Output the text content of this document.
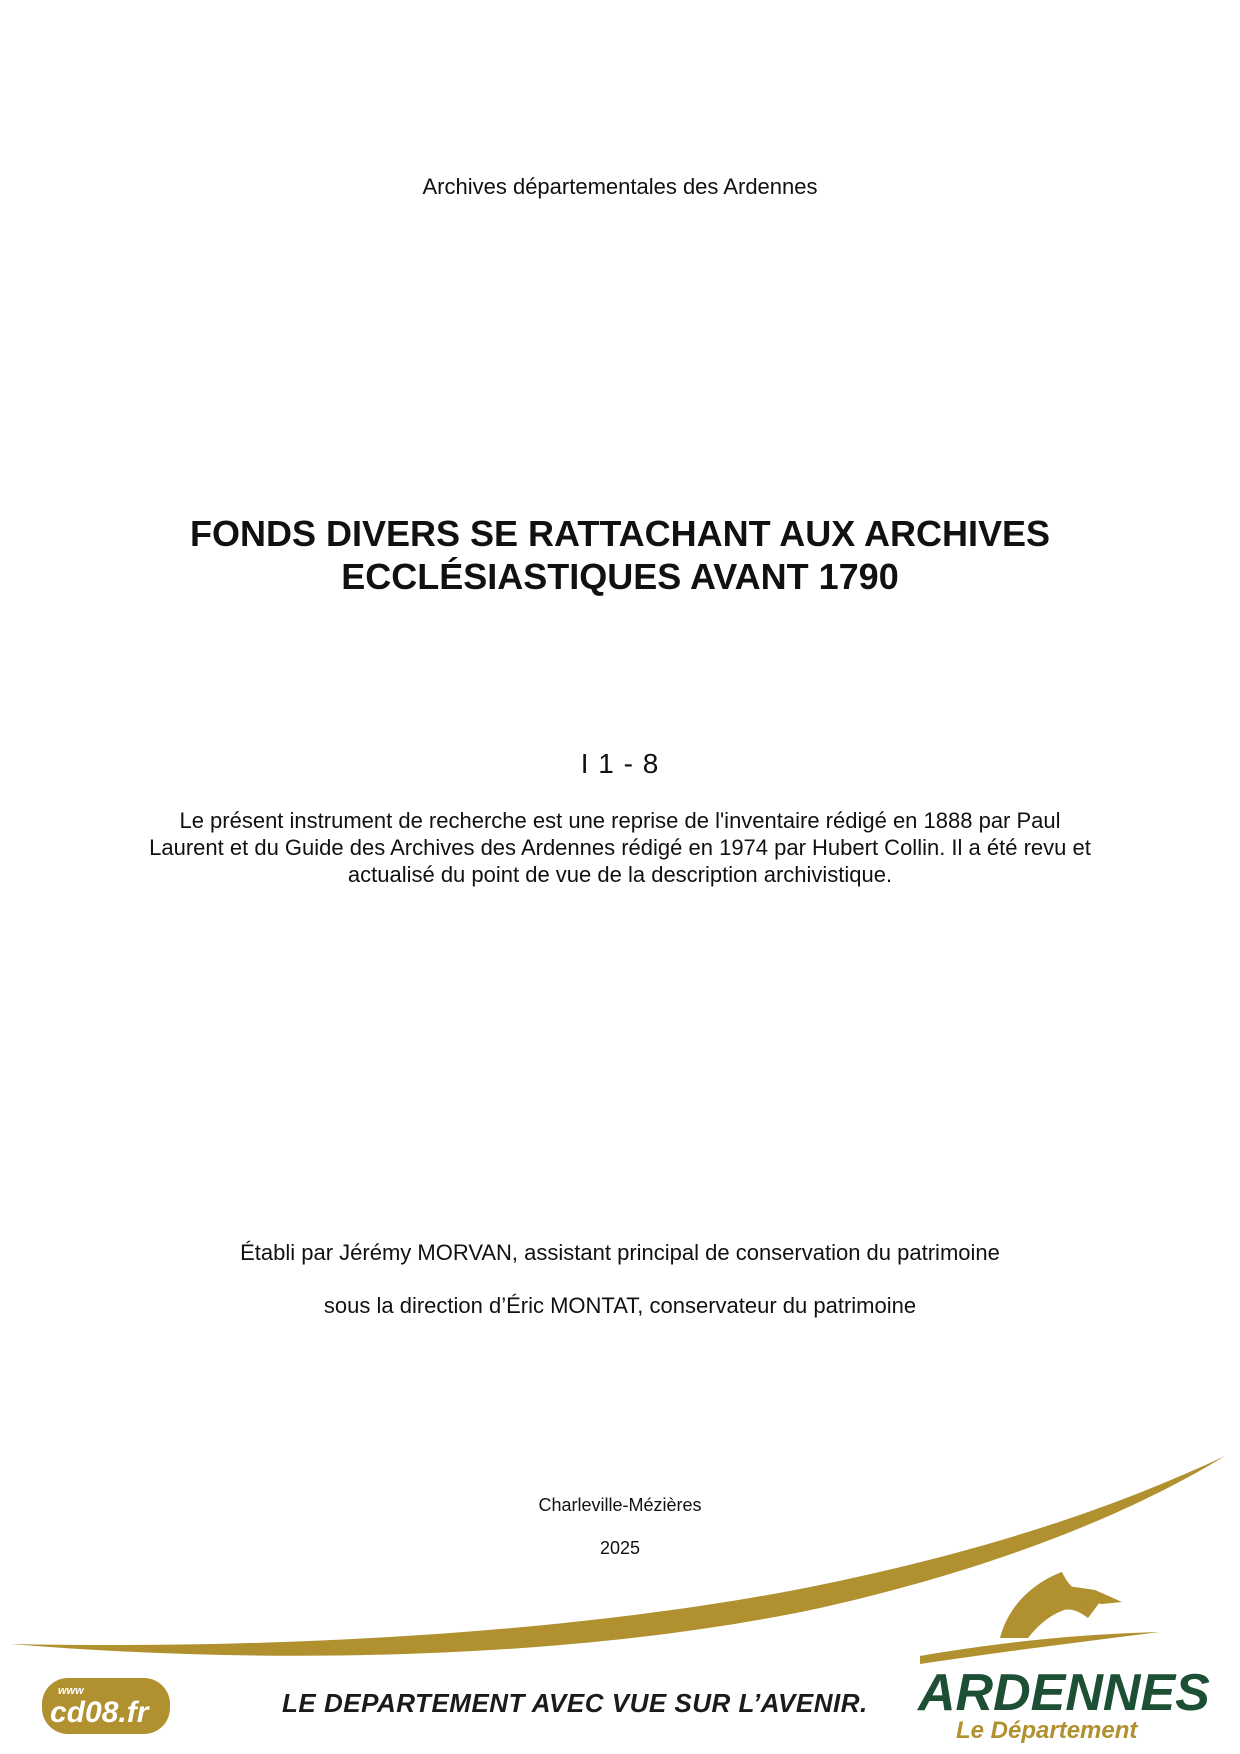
Archives départementales des Ardennes
FONDS DIVERS SE RATTACHANT AUX ARCHIVES
ECCLÉSIASTIQUES AVANT 1790
I 1 - 8
Le présent instrument de recherche est une reprise de l'inventaire rédigé en 1888 par Paul Laurent et du Guide des Archives des Ardennes rédigé en 1974 par Hubert Collin. Il a été revu et actualisé du point de vue de la description archivistique.
Établi par Jérémy MORVAN, assistant principal de conservation du patrimoine
sous la direction d’Éric MONTAT, conservateur du patrimoine
Charleville-Mézières
2025
LE DEPARTEMENT AVEC VUE SUR L’AVENIR.
www
cd08.fr	ARDENNES
Le Département
